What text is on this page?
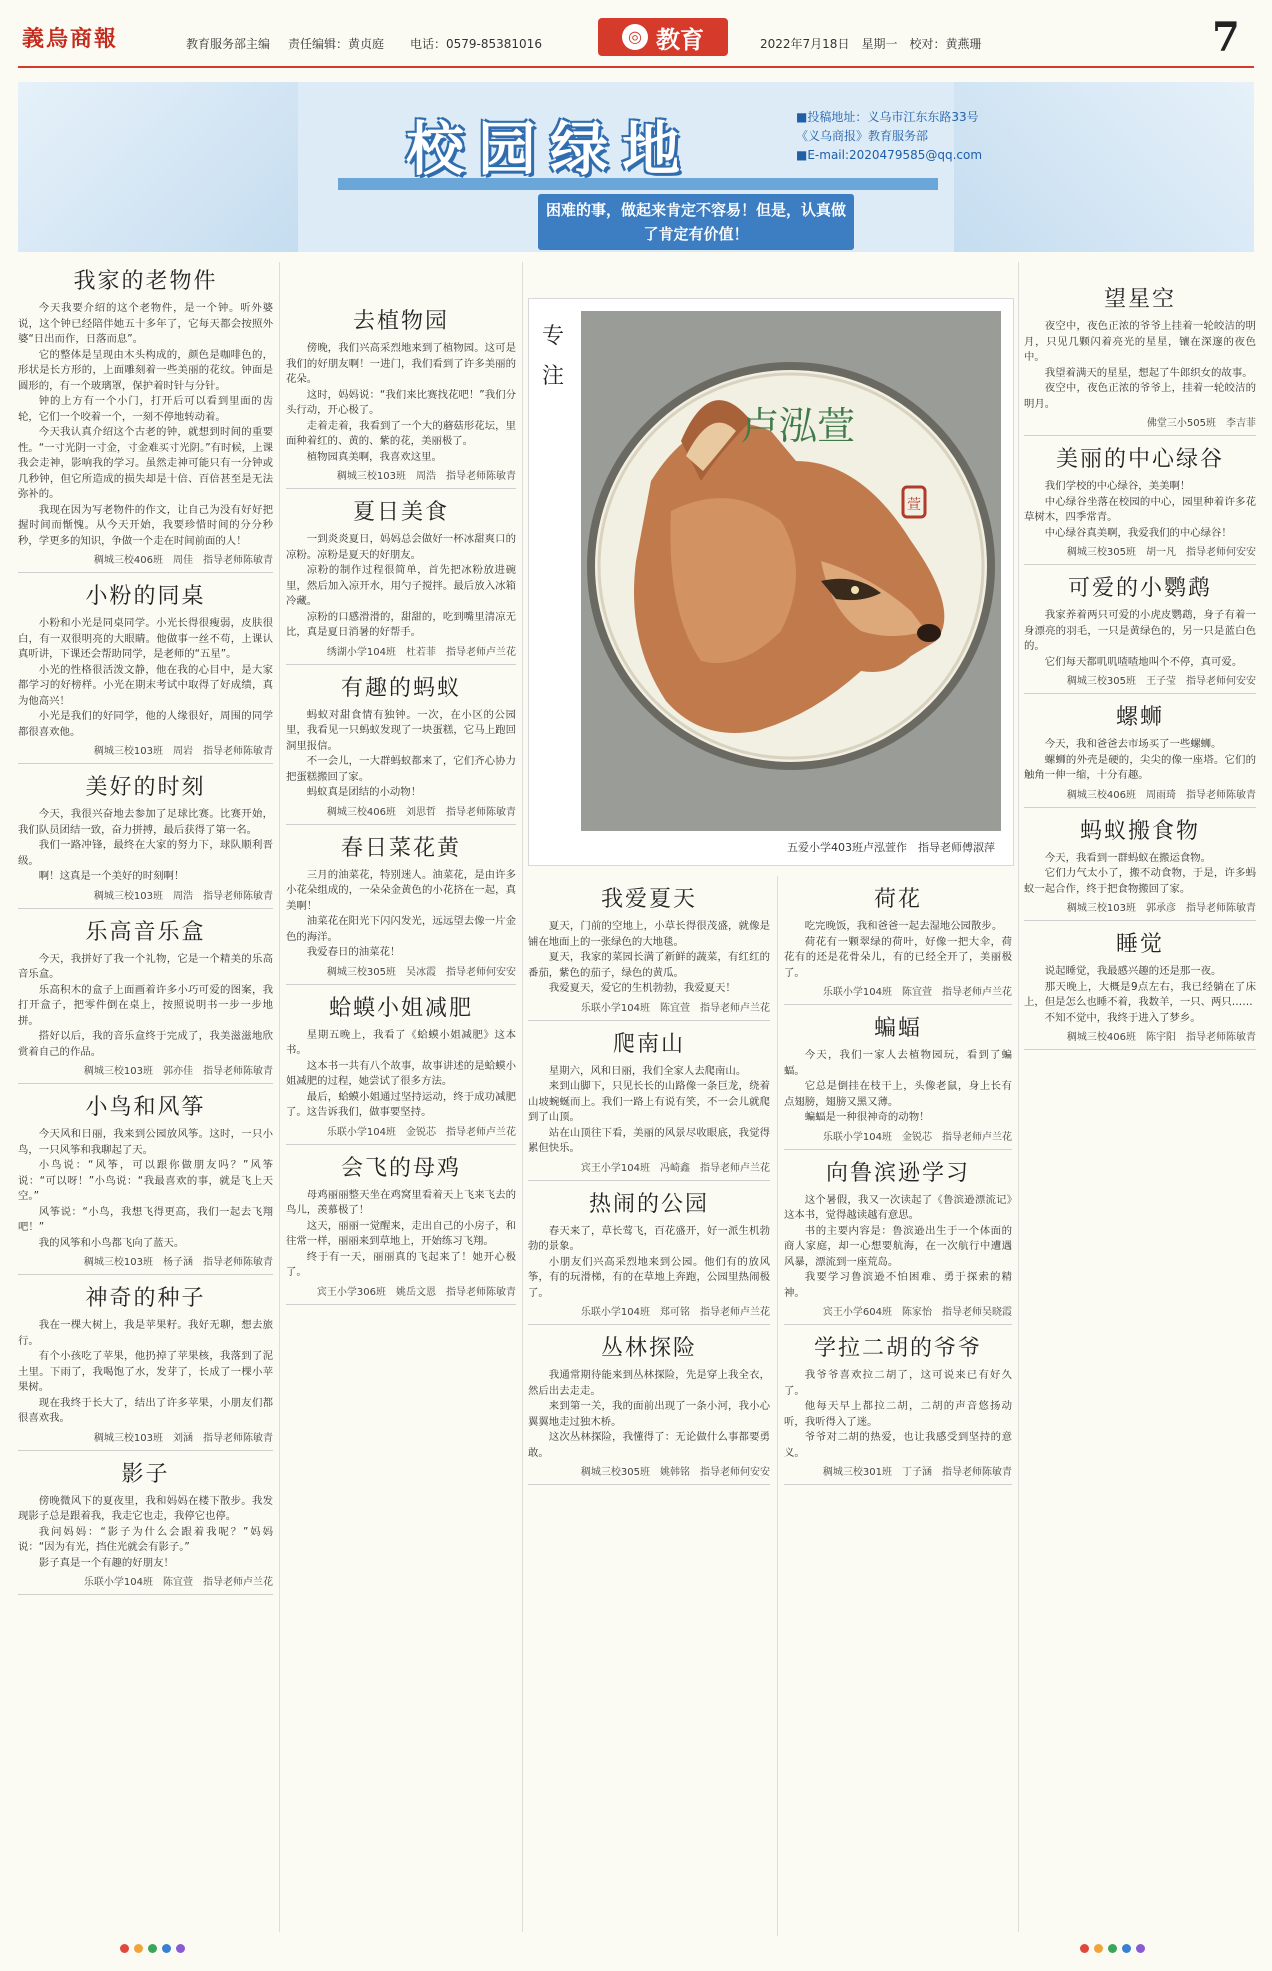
義烏商報	教育服务部主编 责任编辑：黄贞庭 电话：0579-85381016	◎ 教育	2022年7月18日　星期一　校对：黄燕珊	7
校园绿地	■投稿地址：义乌市江东东路33号
《义乌商报》教育服务部
■E-mail:2020479585@qq.com
困难的事，做起来肯定不容易！但是，认真做了肯定有价值！
我家的老物件

今天我要介绍的这个老物件，是一个钟。听外婆说，这个钟已经陪伴她五十多年了，它每天都会按照外婆“日出而作，日落而息”。

它的整体是呈现由木头构成的，颜色是咖啡色的，形状是长方形的，上面雕刻着一些美丽的花纹。钟面是圆形的，有一个玻璃罩，保护着时针与分针。

钟的上方有一个小门，打开后可以看到里面的齿轮，它们一个咬着一个，一刻不停地转动着。

今天我认真介绍这个古老的钟，就想到时间的重要性。“一寸光阴一寸金，寸金难买寸光阴。”有时候，上课我会走神，影响我的学习。虽然走神可能只有一分钟或几秒钟，但它所造成的损失却是十倍、百倍甚至是无法弥补的。

我现在因为写老物件的作文，让自己为没有好好把握时间而惭愧。从今天开始，我要珍惜时间的分分秒秒，学更多的知识，争做一个走在时间前面的人！

稠城三校406班　周佳　指导老师陈敏青
小粉的同桌

小粉和小光是同桌同学。小光长得很瘦弱，皮肤很白，有一双很明亮的大眼睛。他做事一丝不苟，上课认真听讲，下课还会帮助同学，是老师的“五星”。

小光的性格很活泼文静，他在我的心目中，是大家都学习的好榜样。小光在期末考试中取得了好成绩，真为他高兴！

小光是我们的好同学，他的人缘很好，周围的同学都很喜欢他。

稠城三校103班　周岩　指导老师陈敏青
美好的时刻

今天，我很兴奋地去参加了足球比赛。比赛开始，我们队员团结一致，奋力拼搏，最后获得了第一名。

我们一路冲锋，最终在大家的努力下，球队顺利晋级。

啊！这真是一个美好的时刻啊！

稠城三校103班　周浩　指导老师陈敏青
乐高音乐盒

今天，我拼好了我一个礼物，它是一个精美的乐高音乐盒。

乐高积木的盒子上面画着许多小巧可爱的图案，我打开盒子，把零件倒在桌上，按照说明书一步一步地拼。

搭好以后，我的音乐盒终于完成了，我美滋滋地欣赏着自己的作品。

稠城三校103班　郭亦佳　指导老师陈敏青
小鸟和风筝

今天风和日丽，我来到公园放风筝。这时，一只小鸟，一只风筝和我聊起了天。

小鸟说：“风筝，可以跟你做朋友吗？”风筝说：“可以呀！”小鸟说：“我最喜欢的事，就是飞上天空。”

风筝说：“小鸟，我想飞得更高，我们一起去飞翔吧！”

我的风筝和小鸟都飞向了蓝天。

稠城三校103班　杨子涵　指导老师陈敏青
神奇的种子

我在一棵大树上，我是苹果籽。我好无聊，想去旅行。

有个小孩吃了苹果，他扔掉了苹果核，我落到了泥土里。下雨了，我喝饱了水，发芽了，长成了一棵小苹果树。

现在我终于长大了，结出了许多苹果，小朋友们都很喜欢我。

稠城三校103班　刘涵　指导老师陈敏青
影子

傍晚微风下的夏夜里，我和妈妈在楼下散步。我发现影子总是跟着我，我走它也走，我停它也停。

我问妈妈：“影子为什么会跟着我呢？”妈妈说：“因为有光，挡住光就会有影子。”

影子真是一个有趣的好朋友！

乐联小学104班　陈宜萱　指导老师卢兰花
去植物园

傍晚，我们兴高采烈地来到了植物园。这可是我们的好朋友啊！一进门，我们看到了许多美丽的花朵。

这时，妈妈说：“我们来比赛找花吧！”我们分头行动，开心极了。

走着走着，我看到了一个大的蘑菇形花坛，里面种着红的、黄的、紫的花，美丽极了。

植物园真美啊，我喜欢这里。

稠城三校103班　周浩　指导老师陈敏青
夏日美食

一到炎炎夏日，妈妈总会做好一杯冰甜爽口的凉粉。凉粉是夏天的好朋友。

凉粉的制作过程很简单，首先把冰粉放进碗里，然后加入凉开水，用勺子搅拌。最后放入冰箱冷藏。

凉粉的口感滑滑的，甜甜的，吃到嘴里清凉无比，真是夏日消暑的好帮手。

绣湖小学104班　杜若菲　指导老师卢兰花
有趣的蚂蚁

蚂蚁对甜食情有独钟。一次，在小区的公园里，我看见一只蚂蚁发现了一块蛋糕，它马上跑回洞里报信。

不一会儿，一大群蚂蚁都来了，它们齐心协力把蛋糕搬回了家。

蚂蚁真是团结的小动物！

稠城三校406班　刘思哲　指导老师陈敏青
春日菜花黄

三月的油菜花，特别迷人。油菜花，是由许多小花朵组成的，一朵朵金黄色的小花挤在一起，真美啊！

油菜花在阳光下闪闪发光，远远望去像一片金色的海洋。

我爱春日的油菜花！

稠城三校305班　吴冰霞　指导老师何安安
蛤蟆小姐减肥

星期五晚上，我看了《蛤蟆小姐减肥》这本书。

这本书一共有八个故事，故事讲述的是蛤蟆小姐减肥的过程，她尝试了很多方法。

最后，蛤蟆小姐通过坚持运动，终于成功减肥了。这告诉我们，做事要坚持。

乐联小学104班　金锐芯　指导老师卢兰花
会飞的母鸡

母鸡丽丽整天坐在鸡窝里看着天上飞来飞去的鸟儿，羡慕极了！

这天，丽丽一觉醒来，走出自己的小房子，和往常一样，丽丽来到草地上，开始练习飞翔。

终于有一天，丽丽真的飞起来了！她开心极了。

宾王小学306班　姚岳文恩　指导老师陈敏青
专注
卢泓萱
萱
五爱小学403班卢泓萱作　指导老师傅淑萍
我爱夏天

夏天，门前的空地上，小草长得很茂盛，就像是铺在地面上的一张绿色的大地毯。

夏天，我家的菜园长满了新鲜的蔬菜，有红红的番茄，紫色的茄子，绿色的黄瓜。

我爱夏天，爱它的生机勃勃，我爱夏天！

乐联小学104班　陈宜萱　指导老师卢兰花
爬南山

星期六，风和日丽，我们全家人去爬南山。

来到山脚下，只见长长的山路像一条巨龙，绕着山坡蜿蜒而上。我们一路上有说有笑，不一会儿就爬到了山顶。

站在山顶往下看，美丽的风景尽收眼底，我觉得累但快乐。

宾王小学104班　冯崎鑫　指导老师卢兰花
热闹的公园

春天来了，草长莺飞，百花盛开，好一派生机勃勃的景象。

小朋友们兴高采烈地来到公园。他们有的放风筝，有的玩滑梯，有的在草地上奔跑，公园里热闹极了。

乐联小学104班　郑可铭　指导老师卢兰花
丛林探险

我通常期待能来到丛林探险，先是穿上我全衣，然后出去走走。

来到第一关，我的面前出现了一条小河，我小心翼翼地走过独木桥。

这次丛林探险，我懂得了：无论做什么事都要勇敢。

稠城三校305班　姚韩铭　指导老师何安安
荷花

吃完晚饭，我和爸爸一起去湿地公园散步。

荷花有一颗翠绿的荷叶，好像一把大伞，荷花有的还是花骨朵儿，有的已经全开了，美丽极了。

乐联小学104班　陈宜萱　指导老师卢兰花
蝙蝠

今天，我们一家人去植物园玩，看到了蝙蝠。

它总是倒挂在枝干上，头像老鼠，身上长有点翅膀，翅膀又黑又薄。

蝙蝠是一种很神奇的动物！

乐联小学104班　金锐芯　指导老师卢兰花
向鲁滨逊学习

这个暑假，我又一次读起了《鲁滨逊漂流记》这本书，觉得越读越有意思。

书的主要内容是：鲁滨逊出生于一个体面的商人家庭，却一心想要航海，在一次航行中遭遇风暴，漂流到一座荒岛。

我要学习鲁滨逊不怕困难、勇于探索的精神。

宾王小学604班　陈家怡　指导老师吴晓霞
学拉二胡的爷爷

我爷爷喜欢拉二胡了，这可说来已有好久了。

他每天早上都拉二胡，二胡的声音悠扬动听，我听得入了迷。

爷爷对二胡的热爱，也让我感受到坚持的意义。

稠城三校301班　丁子涵　指导老师陈敏青
望星空

夜空中，夜色正浓的爷爷上挂着一轮皎洁的明月，只见几颗闪着亮光的星星，镶在深邃的夜色中。

我望着满天的星星，想起了牛郎织女的故事。

夜空中，夜色正浓的爷爷上，挂着一轮皎洁的明月。

佛堂三小505班　李吉菲
美丽的中心绿谷

我们学校的中心绿谷，美美啊！

中心绿谷坐落在校园的中心，园里种着许多花草树木，四季常青。

中心绿谷真美啊，我爱我们的中心绿谷！

稠城三校305班　胡一凡　指导老师何安安
可爱的小鹦鹉

我家养着两只可爱的小虎皮鹦鹉，身子有着一身漂亮的羽毛，一只是黄绿色的，另一只是蓝白色的。

它们每天都叽叽喳喳地叫个不停，真可爱。

稠城三校305班　王子莹　指导老师何安安
螺蛳

今天，我和爸爸去市场买了一些螺蛳。

螺蛳的外壳是硬的，尖尖的像一座塔。它们的触角一伸一缩，十分有趣。

稠城三校406班　周雨琦　指导老师陈敏青
蚂蚁搬食物

今天，我看到一群蚂蚁在搬运食物。

它们力气太小了，搬不动食物，于是，许多蚂蚁一起合作，终于把食物搬回了家。

稠城三校103班　郭承彦　指导老师陈敏青
睡觉

说起睡觉，我最感兴趣的还是那一夜。

那天晚上，大概是9点左右，我已经躺在了床上，但是怎么也睡不着，我数羊，一只、两只……

不知不觉中，我终于进入了梦乡。

稠城三校406班　陈宇阳　指导老师陈敏青
